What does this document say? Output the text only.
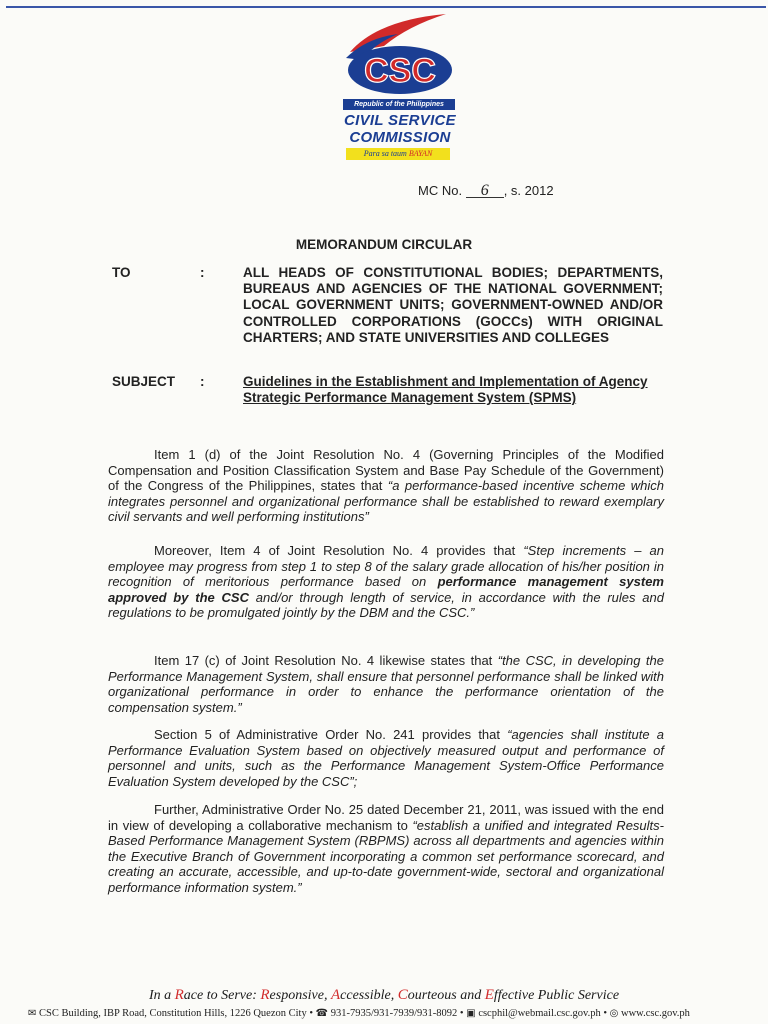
CSC
Republic of the Philippines
CIVIL SERVICE
COMMISSION
Para sa taum BAYAN
MC No. 6 , s. 2012
MEMORANDUM CIRCULAR
TO	:	ALL HEADS OF CONSTITUTIONAL BODIES; DEPARTMENTS, BUREAUS AND AGENCIES OF THE NATIONAL GOVERNMENT; LOCAL GOVERNMENT UNITS; GOVERNMENT-OWNED AND/OR CONTROLLED CORPORATIONS (GOCCs) WITH ORIGINAL CHARTERS; AND STATE UNIVERSITIES AND COLLEGES
SUBJECT :	Guidelines in the Establishment and Implementation of Agency Strategic Performance Management System (SPMS)
Item 1 (d) of the Joint Resolution No. 4 (Governing Principles of the Modified Compensation and Position Classification System and Base Pay Schedule of the Government) of the Congress of the Philippines, states that “a performance-based incentive scheme which integrates personnel and organizational performance shall be established to reward exemplary civil servants and well performing institutions”
Moreover, Item 4 of Joint Resolution No. 4 provides that “Step increments – an employee may progress from step 1 to step 8 of the salary grade allocation of his/her position in recognition of meritorious performance based on performance management system approved by the CSC and/or through length of service, in accordance with the rules and regulations to be promulgated jointly by the DBM and the CSC.”
Item 17 (c) of Joint Resolution No. 4 likewise states that “the CSC, in developing the Performance Management System, shall ensure that personnel performance shall be linked with organizational performance in order to enhance the performance orientation of the compensation system.”
Section 5 of Administrative Order No. 241 provides that “agencies shall institute a Performance Evaluation System based on objectively measured output and performance of personnel and units, such as the Performance Management System-Office Performance Evaluation System developed by the CSC”;
Further, Administrative Order No. 25 dated December 21, 2011, was issued with the end in view of developing a collaborative mechanism to “establish a unified and integrated Results-Based Performance Management System (RBPMS) across all departments and agencies within the Executive Branch of Government incorporating a common set performance scorecard, and creating an accurate, accessible, and up-to-date government-wide, sectoral and organizational performance information system.”
In a Race to Serve: Responsive, Accessible, Courteous and Effective Public Service
✉ CSC Building, IBP Road, Constitution Hills, 1226 Quezon City • ☎ 931-7935/931-7939/931-8092 • ▣ cscphil@webmail.csc.gov.ph • ◎ www.csc.gov.ph
